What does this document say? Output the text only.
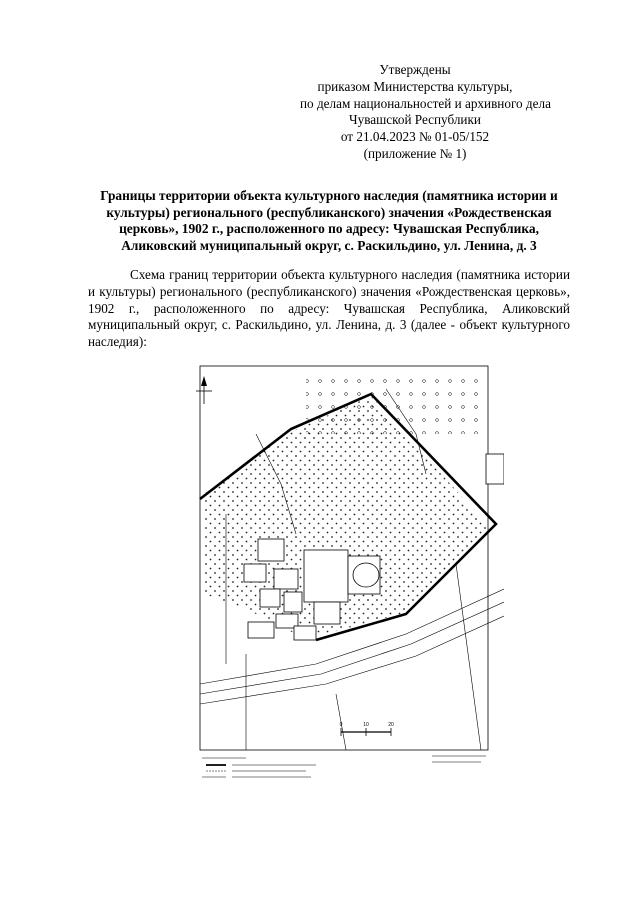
Утверждены
приказом Министерства культуры,
по делам национальностей и архивного дела
Чувашской Республики
от 21.04.2023 № 01-05/152
(приложение № 1)
Границы территории объекта культурного наследия (памятника истории и культуры) регионального (республиканского) значения «Рождественская церковь», 1902 г., расположенного по адресу: Чувашская Республика, Аликовский муниципальный округ, с. Раскильдино, ул. Ленина, д. 3
Схема границ территории объекта культурного наследия (памятника истории и культуры) регионального (республиканского) значения «Рождественская церковь», 1902 г., расположенного по адресу: Чувашская Республика, Аликовский муниципальный округ, с. Раскильдино, ул. Ленина, д. 3 (далее - объект культурного наследия):
0	10	20
